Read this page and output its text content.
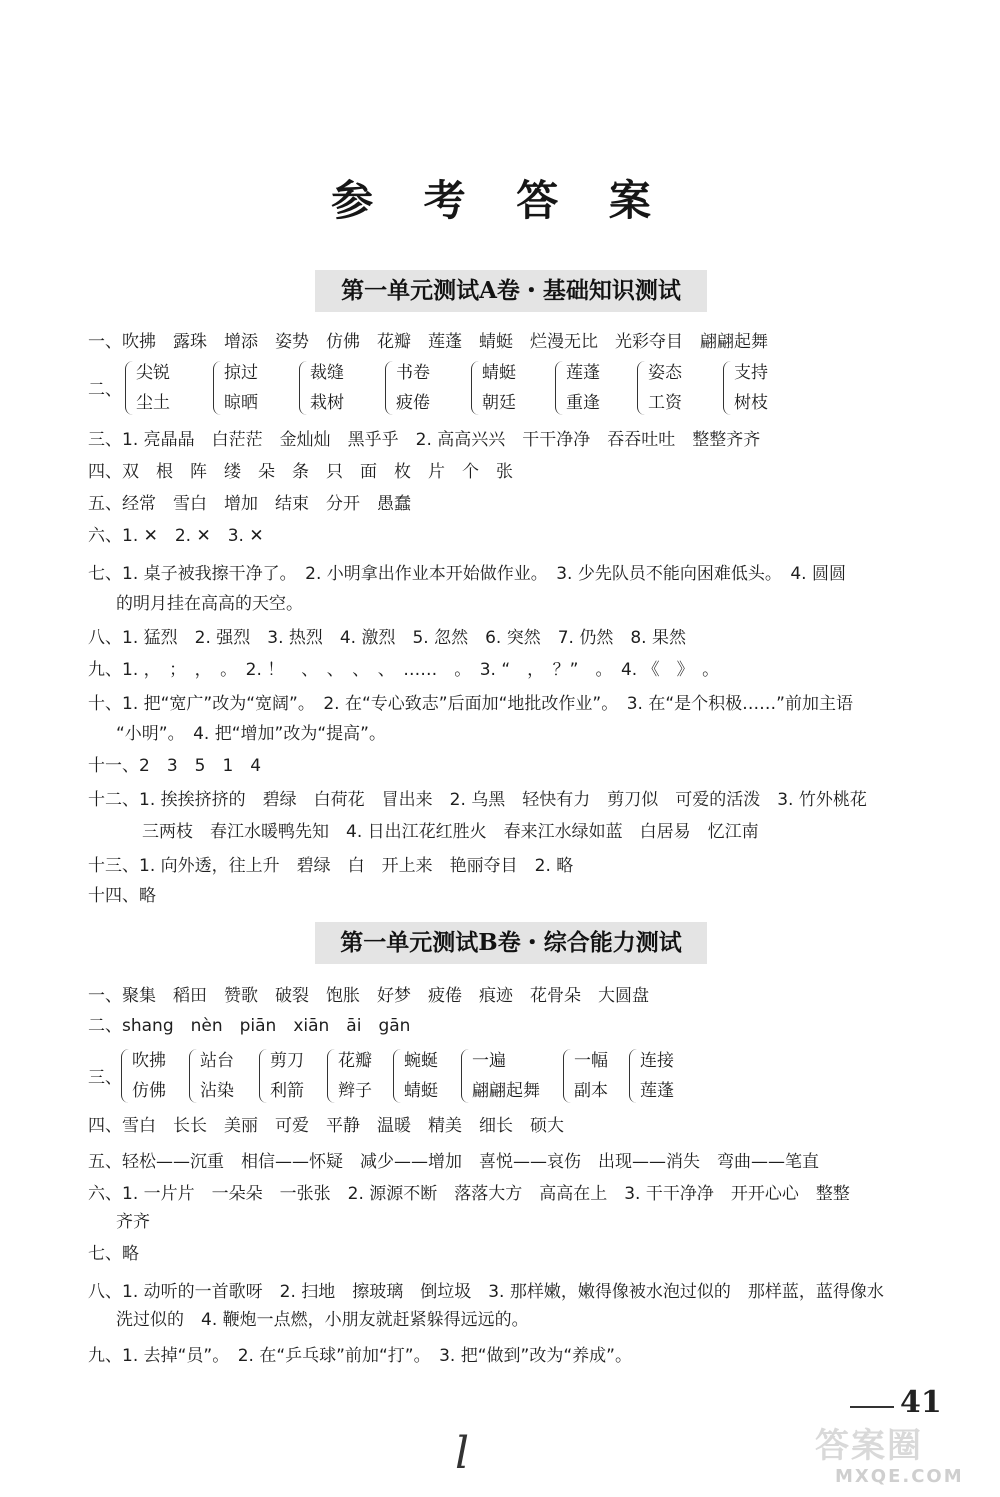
参 考 答 案
第一单元测试A卷・基础知识测试
一、吹拂　露珠　增添　姿势　仿佛　花瓣　莲蓬　蜻蜓　烂漫无比　光彩夺目　翩翩起舞
二、
尖锐
尘土
掠过
晾晒
裁缝
栽树
书卷
疲倦
蜻蜓
朝廷
莲蓬
重逢
姿态
工资
支持
树枝
三、1. 亮晶晶　白茫茫　金灿灿　黑乎乎　2. 高高兴兴　干干净净　吞吞吐吐　整整齐齐
四、双　根　阵　缕　朵　条　只　面　枚　片　个　张
五、经常　雪白　增加　结束　分开　愚蠢
六、1. ✕　2. ✕　3. ✕
七、1. 桌子被我擦干净了。　2. 小明拿出作业本开始做作业。　3. 少先队员不能向困难低头。　4. 圆圆
的明月挂在高高的天空。
八、1. 猛烈　2. 强烈　3. 热烈　4. 激烈　5. 忽然　6. 突然　7. 仍然　8. 果然
九、1. ，　；　，　。　2. ！　、　、　、　、　……　。　3. “　，　？”　。　4. 《　》　。
十、1. 把“宽广”改为“宽阔”。　2. 在“专心致志”后面加“地批改作业”。　3. 在“是个积极……”前加主语
“小明”。　4. 把“增加”改为“提高”。
十一、2　3　5　1　4
十二、1. 挨挨挤挤的　碧绿　白荷花　冒出来　2. 乌黑　轻快有力　剪刀似　可爱的活泼　3. 竹外桃花
三两枝　春江水暖鸭先知　4. 日出江花红胜火　春来江水绿如蓝　白居易　忆江南
十三、1. 向外透，往上升　碧绿　白　开上来　艳丽夺目　2. 略
十四、略
第一单元测试B卷・综合能力测试
一、聚集　稻田　赞歌　破裂　饱胀　好梦　疲倦　痕迹　花骨朵　大圆盘
二、shang　nèn　piān　xiān　āi　gān
三、
吹拂
仿佛
站台
沾染
剪刀
利箭
花瓣
辫子
蜿蜒
蜻蜓
一遍
翩翩起舞
一幅
副本
连接
莲蓬
四、雪白　长长　美丽　可爱　平静　温暖　精美　细长　硕大
五、轻松——沉重　相信——怀疑　减少——增加　喜悦——哀伤　出现——消失　弯曲——笔直
六、1. 一片片　一朵朵　一张张　2. 源源不断　落落大方　高高在上　3. 干干净净　开开心心　整整
齐齐
七、略
八、1. 动听的一首歌呀　2. 扫地　擦玻璃　倒垃圾　3. 那样嫩，嫩得像被水泡过似的　那样蓝，蓝得像水
洗过似的　4. 鞭炮一点燃，小朋友就赶紧躲得远远的。
九、1. 去掉“员”。　2. 在“乒乓球”前加“打”。　3. 把“做到”改为“养成”。
41
l	答案圈
MXQE.COM
